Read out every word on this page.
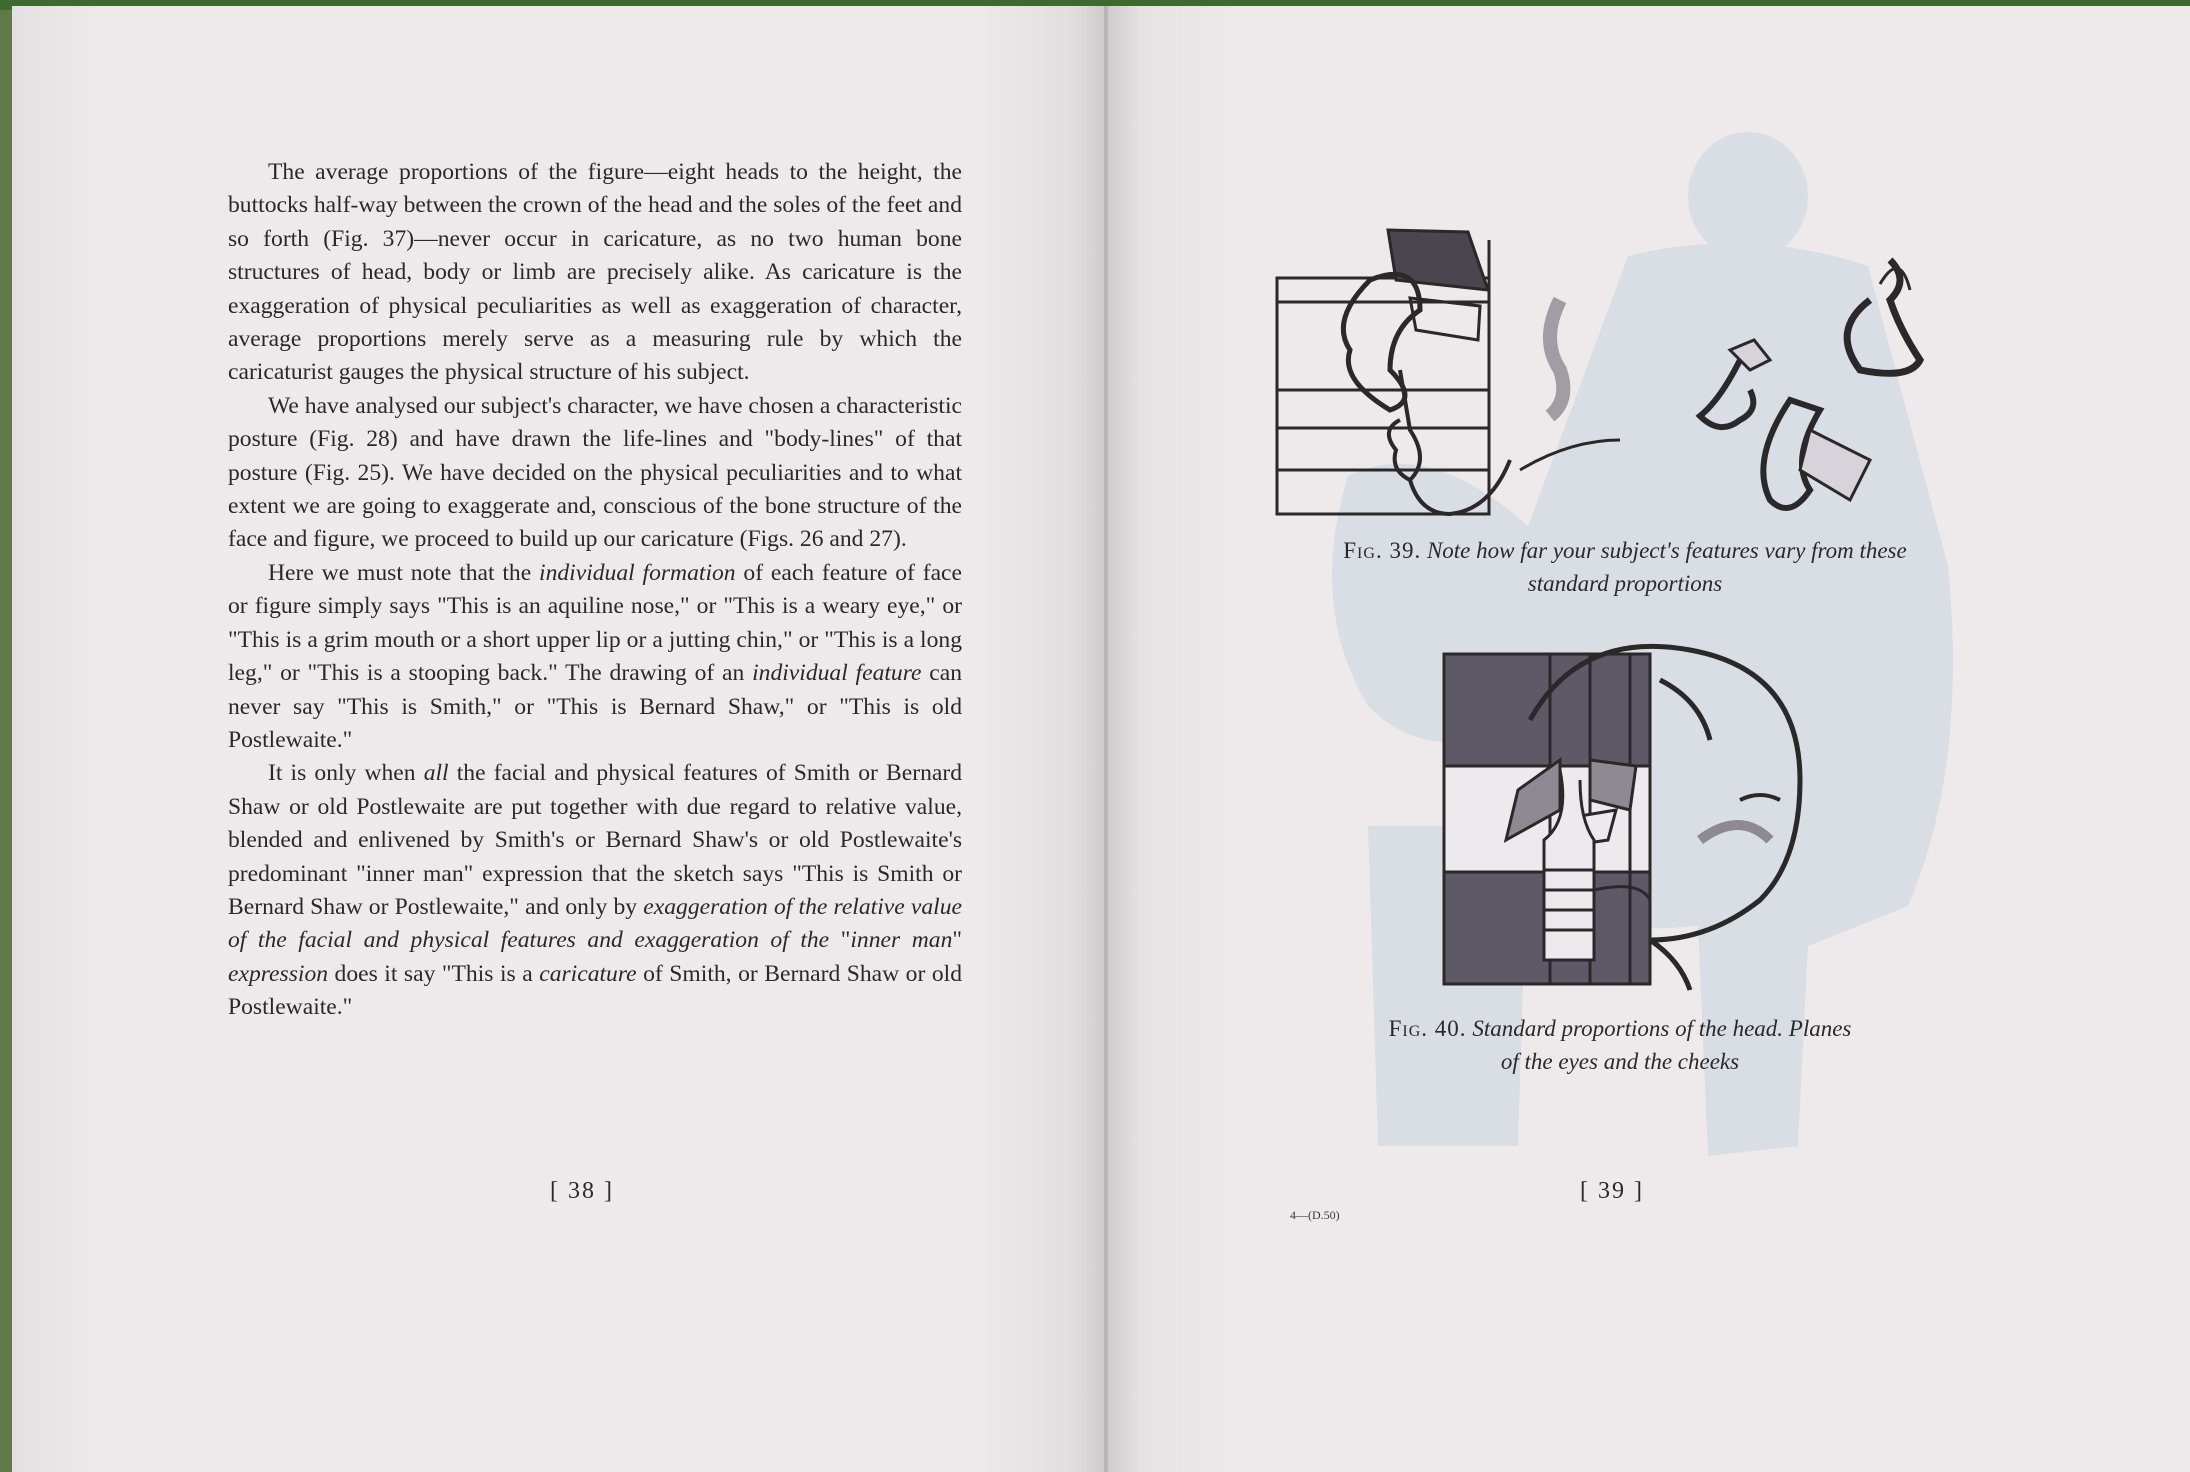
The average proportions of the figure—eight heads to the height, the buttocks half-way between the crown of the head and the soles of the feet and so forth (Fig. 37)—never occur in caricature, as no two human bone structures of head, body or limb are precisely alike. As caricature is the exaggeration of physical peculiarities as well as exaggeration of character, average proportions merely serve as a measuring rule by which the caricaturist gauges the physical structure of his subject.

We have analysed our subject's character, we have chosen a characteristic posture (Fig. 28) and have drawn the life-lines and "body-lines" of that posture (Fig. 25). We have decided on the physical peculiarities and to what extent we are going to exaggerate and, conscious of the bone structure of the face and figure, we proceed to build up our caricature (Figs. 26 and 27).

Here we must note that the individual formation of each feature of face or figure simply says "This is an aquiline nose," or "This is a weary eye," or "This is a grim mouth or a short upper lip or a jutting chin," or "This is a long leg," or "This is a stooping back." The drawing of an individual feature can never say "This is Smith," or "This is Bernard Shaw," or "This is old Postlewaite."

It is only when all the facial and physical features of Smith or Bernard Shaw or old Postlewaite are put together with due regard to relative value, blended and enlivened by Smith's or Bernard Shaw's or old Postlewaite's predominant "inner man" expression that the sketch says "This is Smith or Bernard Shaw or Postlewaite," and only by exaggeration of the relative value of the facial and physical features and exaggeration of the "inner man" expression does it say "This is a caricature of Smith, or Bernard Shaw or old Postlewaite."

[ 38 ]
Fig. 39. Note how far your subject's features vary from these
standard proportions
Fig. 40. Standard proportions of the head. Planes
of the eyes and the cheeks
4—(D.50)
[ 39 ]
